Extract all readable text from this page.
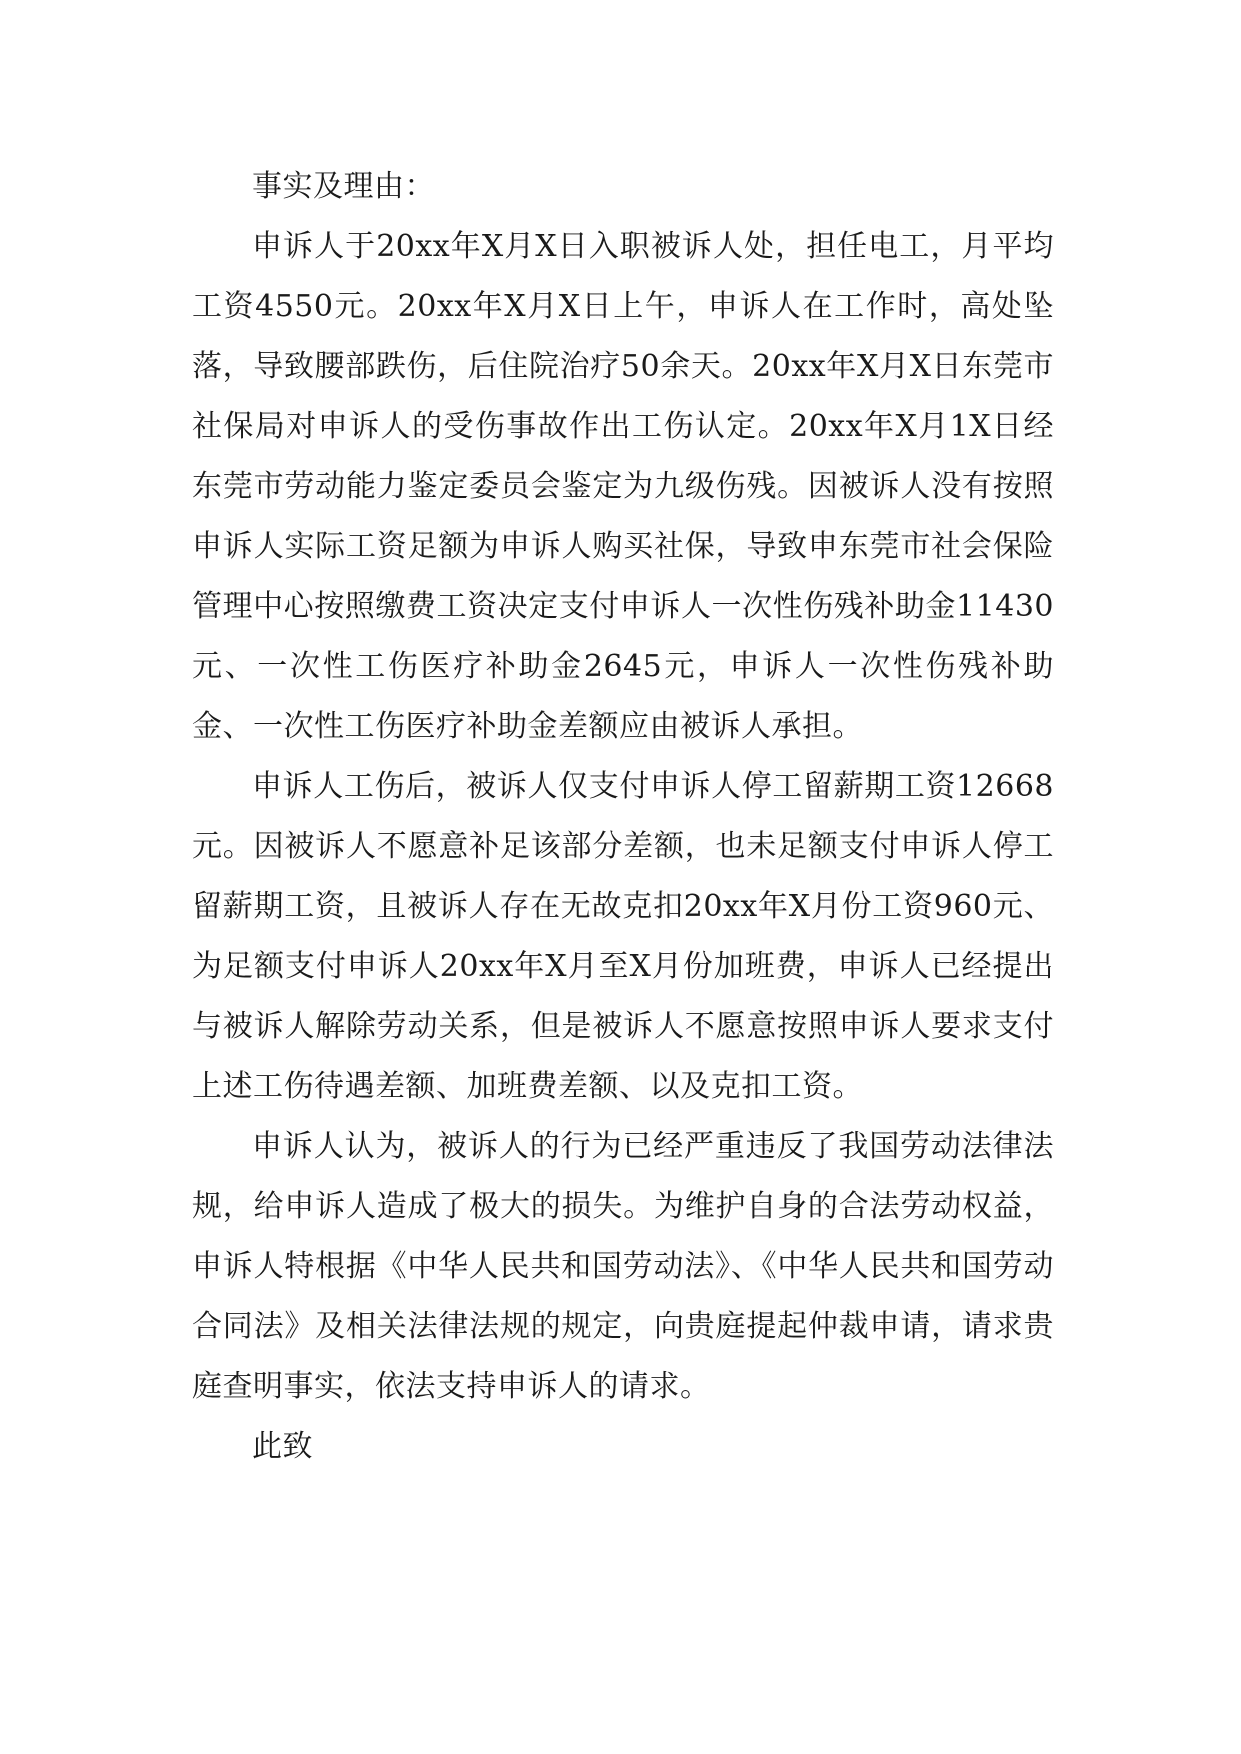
事实及理由：

申诉人于20xx年X月X日入职被诉人处，担任电工，月平均工资4550元。20xx年X月X日上午，申诉人在工作时，高处坠落，导致腰部跌伤，后住院治疗50余天。20xx年X月X日东莞市社保局对申诉人的受伤事故作出工伤认定。20xx年X月1X日经东莞市劳动能力鉴定委员会鉴定为九级伤残。因被诉人没有按照申诉人实际工资足额为申诉人购买社保，导致申东莞市社会保险管理中心按照缴费工资决定支付申诉人一次性伤残补助金11430元、一次性工伤医疗补助金2645元，申诉人一次性伤残补助金、一次性工伤医疗补助金差额应由被诉人承担。

申诉人工伤后，被诉人仅支付申诉人停工留薪期工资12668元。因被诉人不愿意补足该部分差额，也未足额支付申诉人停工留薪期工资，且被诉人存在无故克扣20xx年X月份工资960元、为足额支付申诉人20xx年X月至X月份加班费，申诉人已经提出与被诉人解除劳动关系，但是被诉人不愿意按照申诉人要求支付上述工伤待遇差额、加班费差额、以及克扣工资。

申诉人认为，被诉人的行为已经严重违反了我国劳动法律法规，给申诉人造成了极大的损失。为维护自身的合法劳动权益，申诉人特根据《中华人民共和国劳动法》、《中华人民共和国劳动合同法》及相关法律法规的规定，向贵庭提起仲裁申请，请求贵庭查明事实，依法支持申诉人的请求。

此致
